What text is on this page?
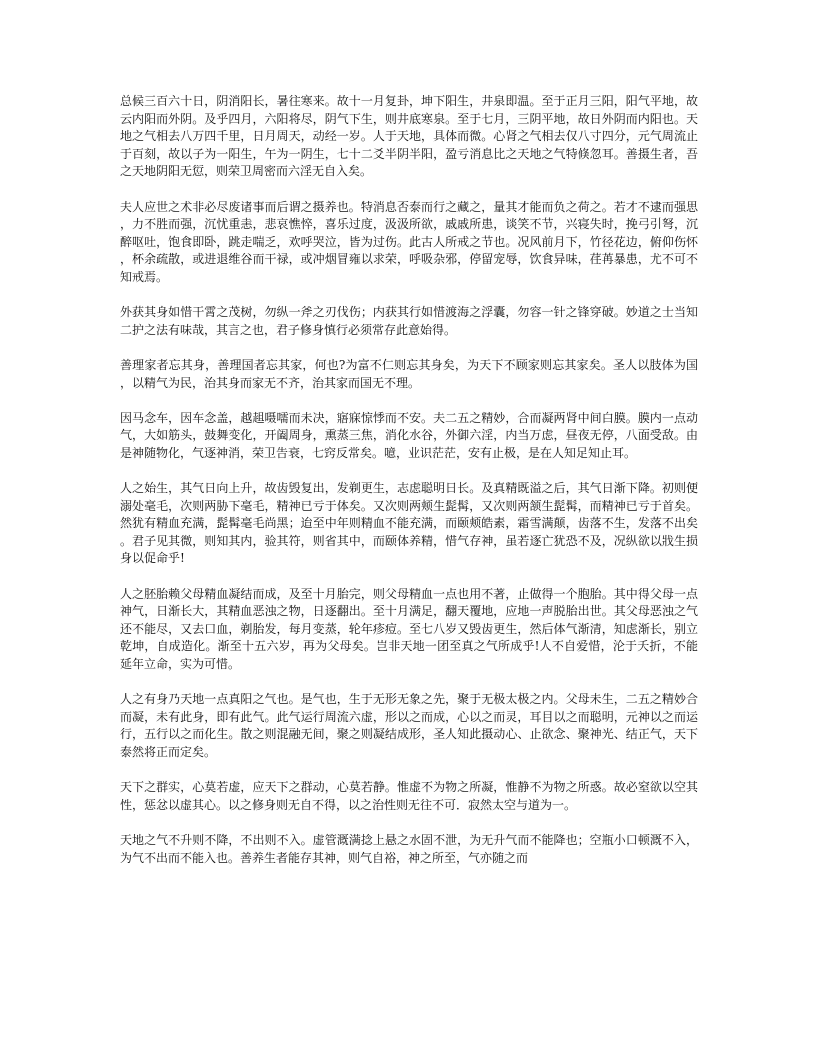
总候三百六十日，阴消阳长，暑往寒来。故十一月复卦，坤下阳生，井泉即温。至于正月三阳，阳气平地，故云内阳而外阴。及乎四月，六阳将尽，阴气下生，则井底寒泉。至于七月，三阴平地，故日外阴而内阳也。天地之气相去八万四千里，日月周天，动经一岁。人于天地，具体而微。心肾之气相去仅八寸四分，元气周流止于百刻，故以子为一阳生，午为一阴生，七十二爻半阴半阳，盈亏消息比之天地之气特倏忽耳。善摄生者，吾之天地阴阳无愆，则荣卫周密而六淫无自入矣。

夫人应世之术非必尽废诸事而后谓之摄养也。特消息否泰而行之藏之，量其才能而负之荷之。若才不逮而强思，力不胜而强，沉忧重恚，悲哀憔悴，喜乐过度，汲汲所欲，戚戚所患，谈笑不节，兴寝失时，挽弓引弩，沉醉呕吐，饱食即卧，跳走喘乏，欢呼哭泣，皆为过伤。此古人所戒之节也。况风前月下，竹径花边，俯仰伤怀，杯余疏散，或进退维谷而干禄，或冲烟冒雍以求荣，呼吸杂邪，停留宠辱，饮食异味，荏苒暴患，尤不可不知戒焉。

外获其身如惜干霄之茂树，勿纵一斧之刃伐伤；内获其行如惜渡海之浮囊，勿容一针之锋穿破。妙道之士当知二护之法有味哉，其言之也，君子修身慎行必须常存此意始得。

善理家者忘其身，善理国者忘其家，何也?为富不仁则忘其身矣，为天下不顾家则忘其家矣。圣人以肢体为国，以精气为民，治其身而家无不齐，治其家而国无不理。

因马念车，因车念盖，越趄嗫嚅而未决，寤寐惊悸而不安。夫二五之精妙，合而凝两肾中间白膜。膜内一点动气，大如筋头，鼓舞变化，开阖周身，熏蒸三焦，消化水谷，外御六淫，内当万虑，昼夜无停，八面受敌。由是神随物化，气逐神消，荣卫告衰，七窍反常矣。噫，业识茫茫，安有止极，是在人知足知止耳。

人之始生，其气日向上升，故齿毁复出，发剃更生，志虑聪明日长。及真精既溢之后，其气日渐下降。初则便溺处毫毛，次则两胁下毫毛，精神已亏于体矣。又次则两颊生髭髯，又次则两颔生髭髯，而精神已亏于首矣。然犹有精血充满，髭髯毫毛尚黑；迨至中年则精血不能充满，而颐颊皓素，霜雪满颠，齿落不生，发落不出矣。君子见其微，则知其内，验其符，则省其中，而颐体养精，惜气存神，虽若逐亡犹恐不及，况纵欲以戕生损身以促命乎!

人之胚胎赖父母精血凝结而成，及至十月胎完，则父母精血一点也用不著，止做得一个胞胎。其中得父母一点神气，日渐长大，其精血恶浊之物，日逐翻出。至十月满足，翻天覆地，应地一声脱胎出世。其父母恶浊之气还不能尽，又去口血，剃胎发，每月变蒸，轮年疹痘。至七八岁又毁齿更生，然后体气渐清，知虑渐长，别立乾坤，自成造化。渐至十五六岁，再为父母矣。岂非天地一团至真之气所成乎!人不自爱惜，沦于夭折，不能延年立命，实为可惜。

人之有身乃天地一点真阳之气也。是气也，生于无形无象之先，聚于无极太极之内。父母未生，二五之精妙合而凝，未有此身，即有此气。此气运行周流六虚，形以之而成，心以之而灵，耳目以之而聪明，元神以之而运行，五行以之而化生。散之则混融无间，聚之则凝结成形，圣人知此摄动心、止欲念、聚神光、结正气，天下泰然将正而定矣。

天下之群实，心莫若虚，应天下之群动，心莫若静。惟虚不为物之所凝，惟静不为物之所惑。故必窒欲以空其性，惩忿以虚其心。以之修身则无自不得，以之治性则无往不可．寂然太空与道为一。

天地之气不升则不降，不出则不入。虚管溉满捻上悬之水固不泄，为无升气而不能降也；空瓶小口顿溉不入，为气不出而不能入也。善养生者能存其神，则气自裕，神之所至，气亦随之而
